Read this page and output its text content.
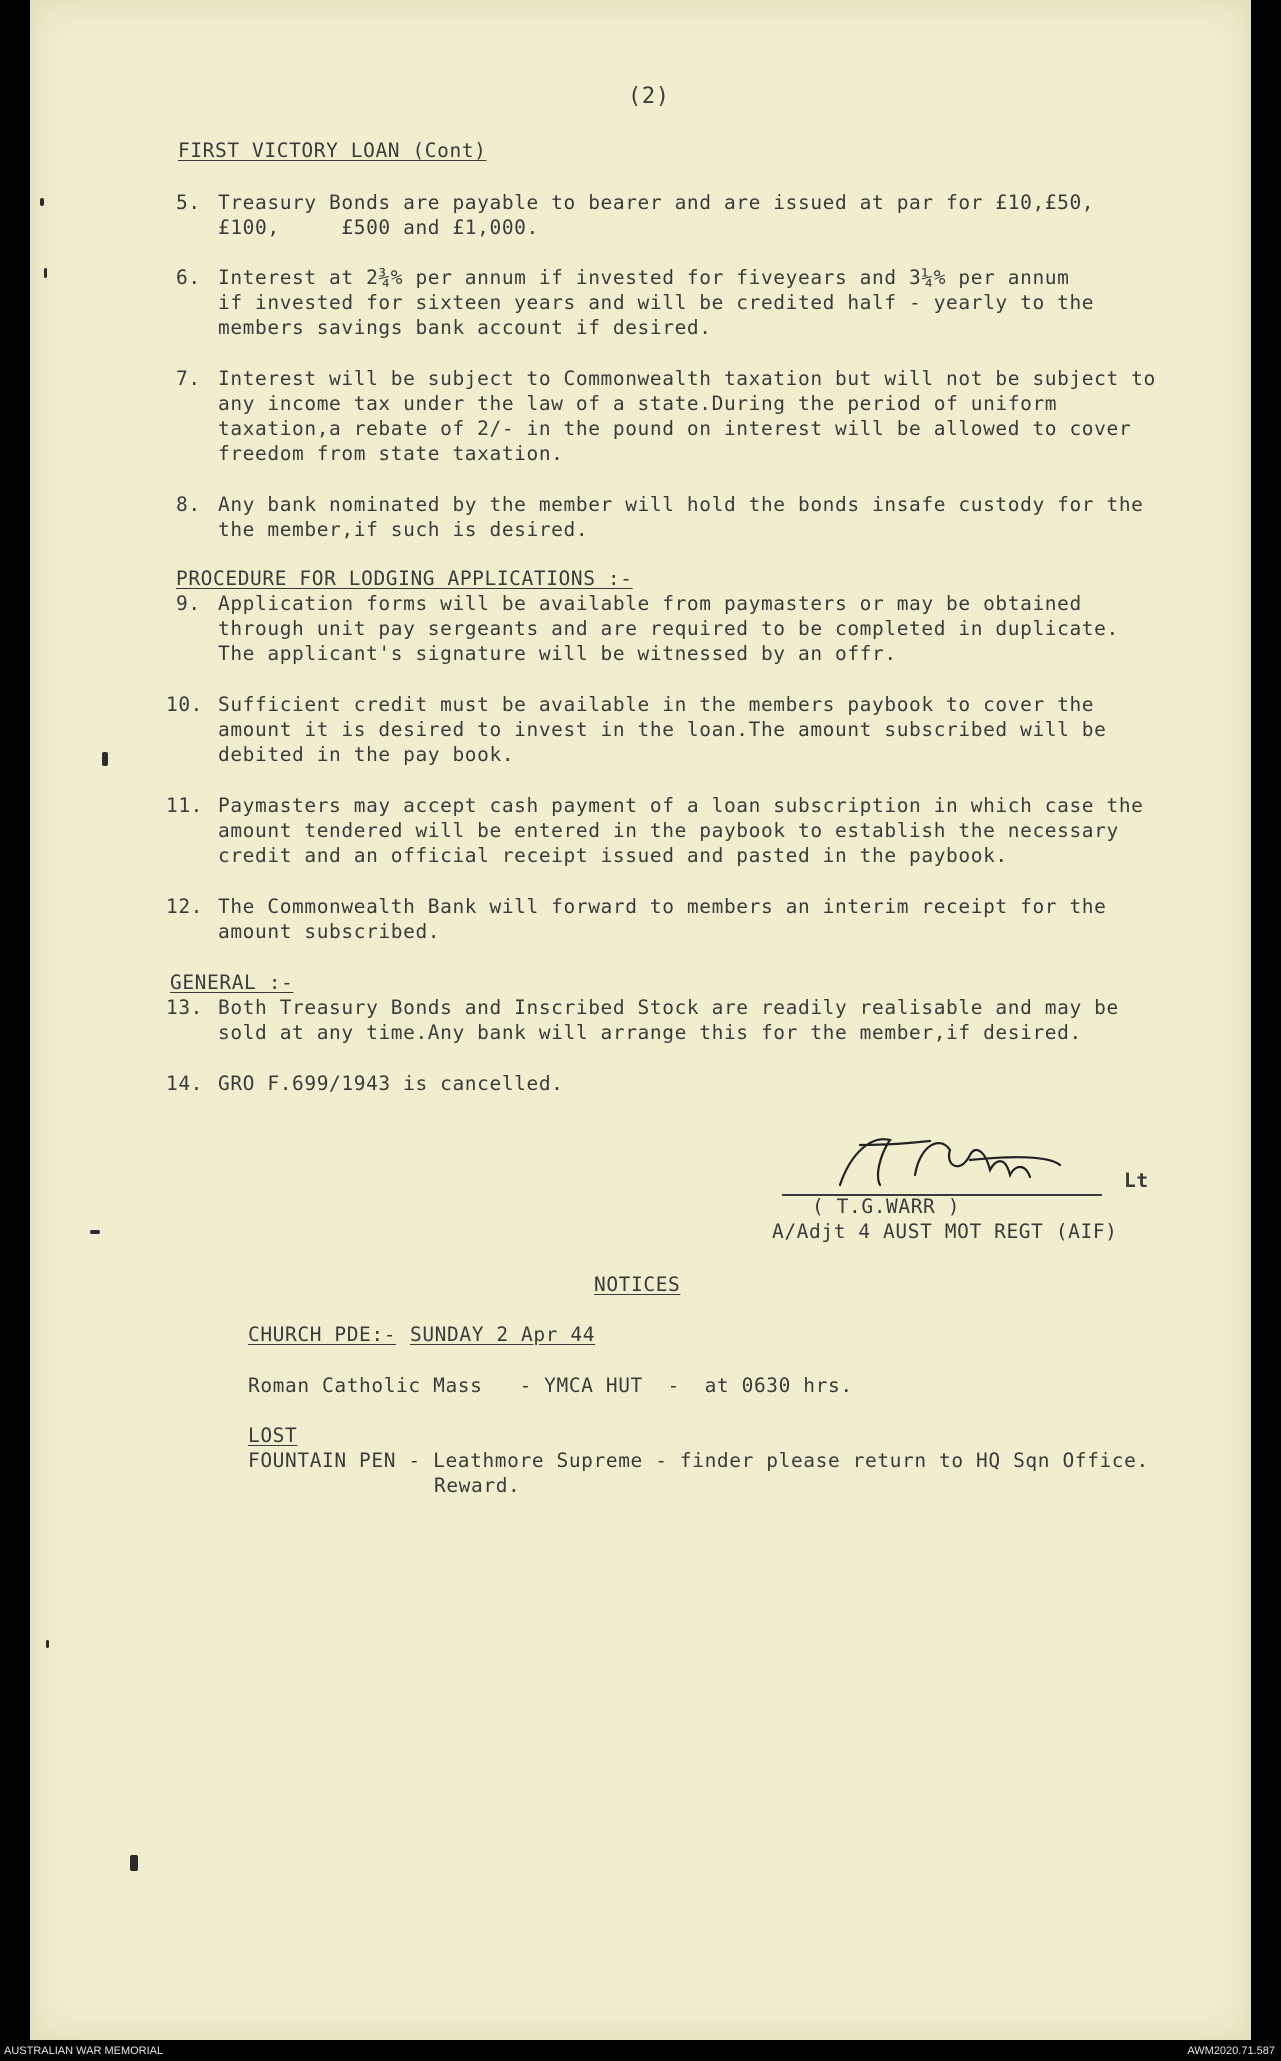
(2)
FIRST VICTORY LOAN (Cont)
5. Treasury Bonds are payable to bearer and are issued at par for £10,£50,
£100,     £500 and £1,000.
6. Interest at 2¾% per annum if invested for fiveyears and 3¼% per annum
if invested for sixteen years and will be credited half - yearly to the
members savings bank account if desired.
7. Interest will be subject to Commonwealth taxation but will not be subject to
any income tax under the law of a state.During the period of uniform
taxation,a rebate of 2/- in the pound on interest will be allowed to cover
freedom from state taxation.
8. Any bank nominated by the member will hold the bonds insafe custody for the
the member,if such is desired.
PROCEDURE FOR LODGING APPLICATIONS :-
9. Application forms will be available from paymasters or may be obtained
through unit pay sergeants and are required to be completed in duplicate.
The applicant's signature will be witnessed by an offr.
10. Sufficient credit must be available in the members paybook to cover the
amount it is desired to invest in the loan.The amount subscribed will be
debited in the pay book.
11. Paymasters may accept cash payment of a loan subscription in which case the
amount tendered will be entered in the paybook to establish the necessary
credit and an official receipt issued and pasted in the paybook.
12. The Commonwealth Bank will forward to members an interim receipt for the
amount subscribed.
GENERAL :-
13. Both Treasury Bonds and Inscribed Stock are readily realisable and may be
sold at any time.Any bank will arrange this for the member,if desired.
14. GRO F.699/1943 is cancelled.
Lt
( T.G.WARR )
A/Adjt 4 AUST MOT REGT (AIF)
NOTICES
CHURCH PDE:- SUNDAY 2 Apr 44
Roman Catholic Mass   - YMCA HUT  -  at 0630 hrs.
LOST
FOUNTAIN PEN - Leathmore Supreme - finder please return to HQ Sqn Office.
Reward.
AUSTRALIAN WAR MEMORIAL	AWM2020.71.587
